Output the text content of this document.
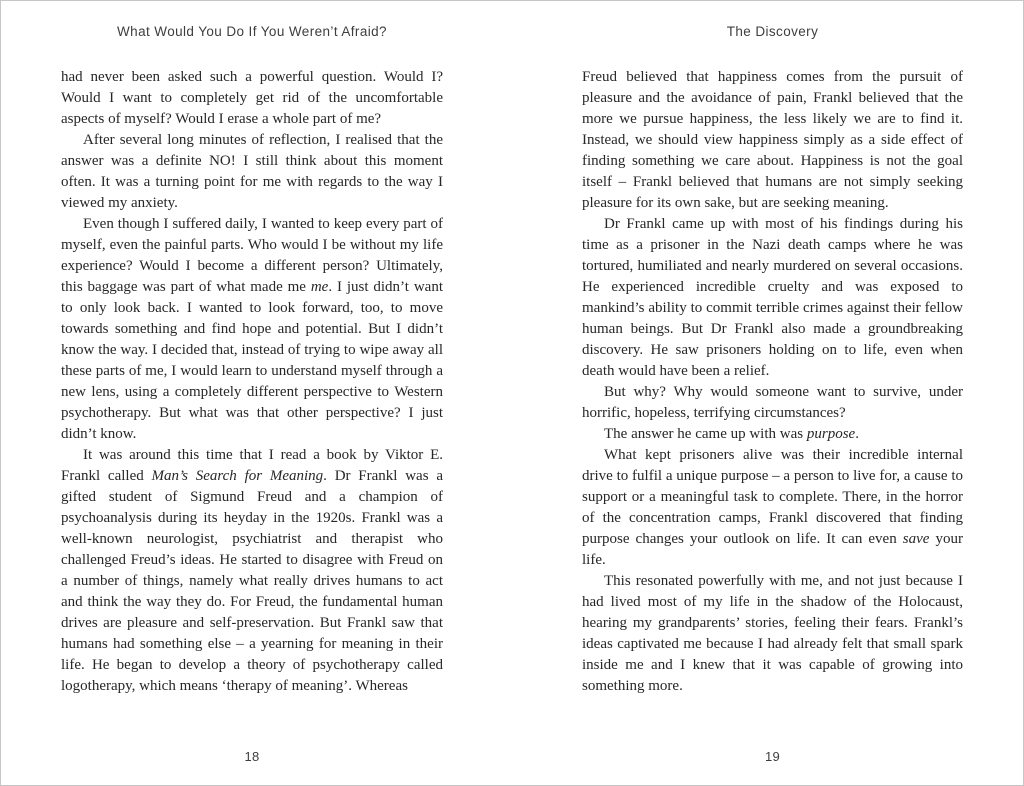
What Would You Do If You Weren’t Afraid?

had never been asked such a powerful question. Would I? Would I want to completely get rid of the uncomfortable aspects of myself? Would I erase a whole part of me?

After several long minutes of reflection, I realised that the answer was a definite NO! I still think about this moment often. It was a turning point for me with regards to the way I viewed my anxiety.

Even though I suffered daily, I wanted to keep every part of myself, even the painful parts. Who would I be without my life experience? Would I become a different person? Ultimately, this baggage was part of what made me me. I just didn’t want to only look back. I wanted to look forward, too, to move towards something and find hope and potential. But I didn’t know the way. I decided that, instead of trying to wipe away all these parts of me, I would learn to understand myself through a new lens, using a completely different perspective to Western psychotherapy. But what was that other perspective? I just didn’t know.

It was around this time that I read a book by Viktor E. Frankl called Man’s Search for Meaning. Dr Frankl was a gifted student of Sigmund Freud and a champion of psychoanalysis during its heyday in the 1920s. Frankl was a well-known neurologist, psychiatrist and therapist who challenged Freud’s ideas. He started to disagree with Freud on a number of things, namely what really drives humans to act and think the way they do. For Freud, the fundamental human drives are pleasure and self-preservation. But Frankl saw that humans had something else – a yearning for meaning in their life. He began to develop a theory of psychotherapy called logotherapy, which means ‘therapy of meaning’. Whereas

18
The Discovery

Freud believed that happiness comes from the pursuit of pleasure and the avoidance of pain, Frankl believed that the more we pursue happiness, the less likely we are to find it. Instead, we should view happiness simply as a side effect of finding something we care about. Happiness is not the goal itself – Frankl believed that humans are not simply seeking pleasure for its own sake, but are seeking meaning.

Dr Frankl came up with most of his findings during his time as a prisoner in the Nazi death camps where he was tortured, humiliated and nearly murdered on several occasions. He experienced incredible cruelty and was exposed to mankind’s ability to commit terrible crimes against their fellow human beings. But Dr Frankl also made a groundbreaking discovery. He saw prisoners holding on to life, even when death would have been a relief.

But why? Why would someone want to survive, under horrific, hopeless, terrifying circumstances?

The answer he came up with was purpose.

What kept prisoners alive was their incredible internal drive to fulfil a unique purpose – a person to live for, a cause to support or a meaningful task to complete. There, in the horror of the concentration camps, Frankl discovered that finding purpose changes your outlook on life. It can even save your life.

This resonated powerfully with me, and not just because I had lived most of my life in the shadow of the Holocaust, hearing my grandparents’ stories, feeling their fears. Frankl’s ideas captivated me because I had already felt that small spark inside me and I knew that it was capable of growing into something more.

19
